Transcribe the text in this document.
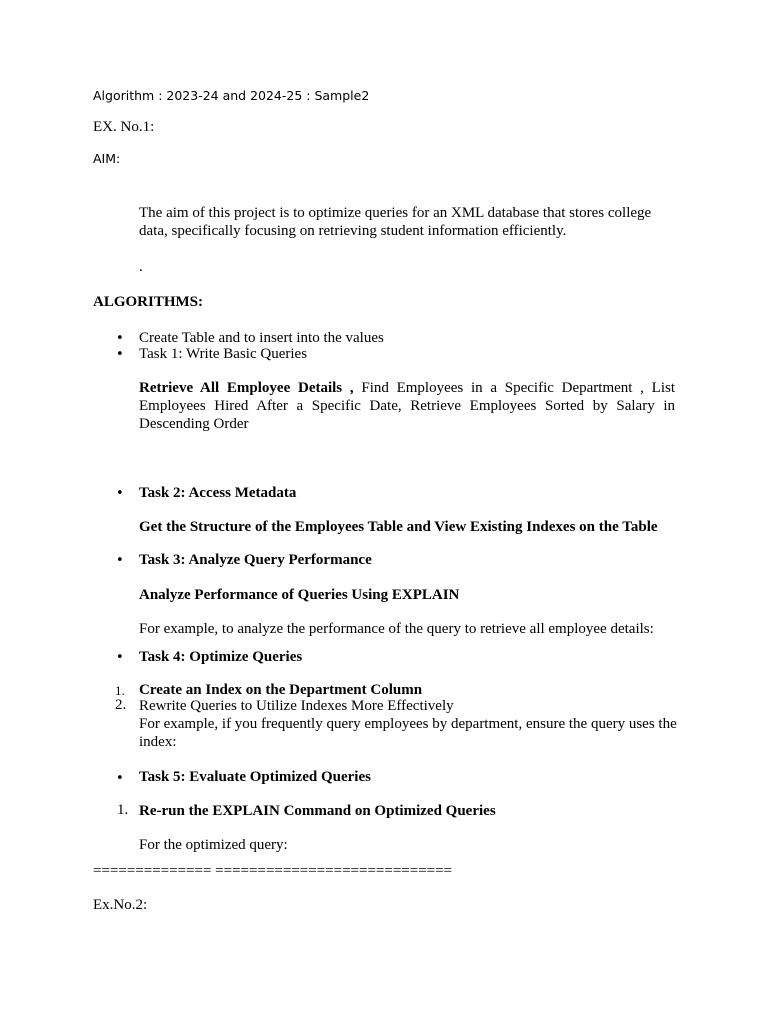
Algorithm : 2023-24 and 2024-25 : Sample2
EX. No.1:
AIM:
The aim of this project is to optimize queries for an XML database that stores college data, specifically focusing on retrieving student information efficiently.
.
ALGORITHMS:
• Create Table and to insert into the values
• Task 1: Write Basic Queries
Retrieve All Employee Details , Find Employees in a Specific Department , List Employees Hired After a Specific Date, Retrieve Employees Sorted by Salary in Descending Order
• Task 2: Access Metadata
Get the Structure of the Employees Table and View Existing Indexes on the Table
• Task 3: Analyze Query Performance
Analyze Performance of Queries Using EXPLAIN
For example, to analyze the performance of the query to retrieve all employee details:
• Task 4: Optimize Queries
1. Create an Index on the Department Column
2. Rewrite Queries to Utilize Indexes More Effectively
For example, if you frequently query employees by department, ensure the query uses the index:
• Task 5: Evaluate Optimized Queries
1. Re-run the EXPLAIN Command on Optimized Queries
For the optimized query:
============== ============================
Ex.No.2:
